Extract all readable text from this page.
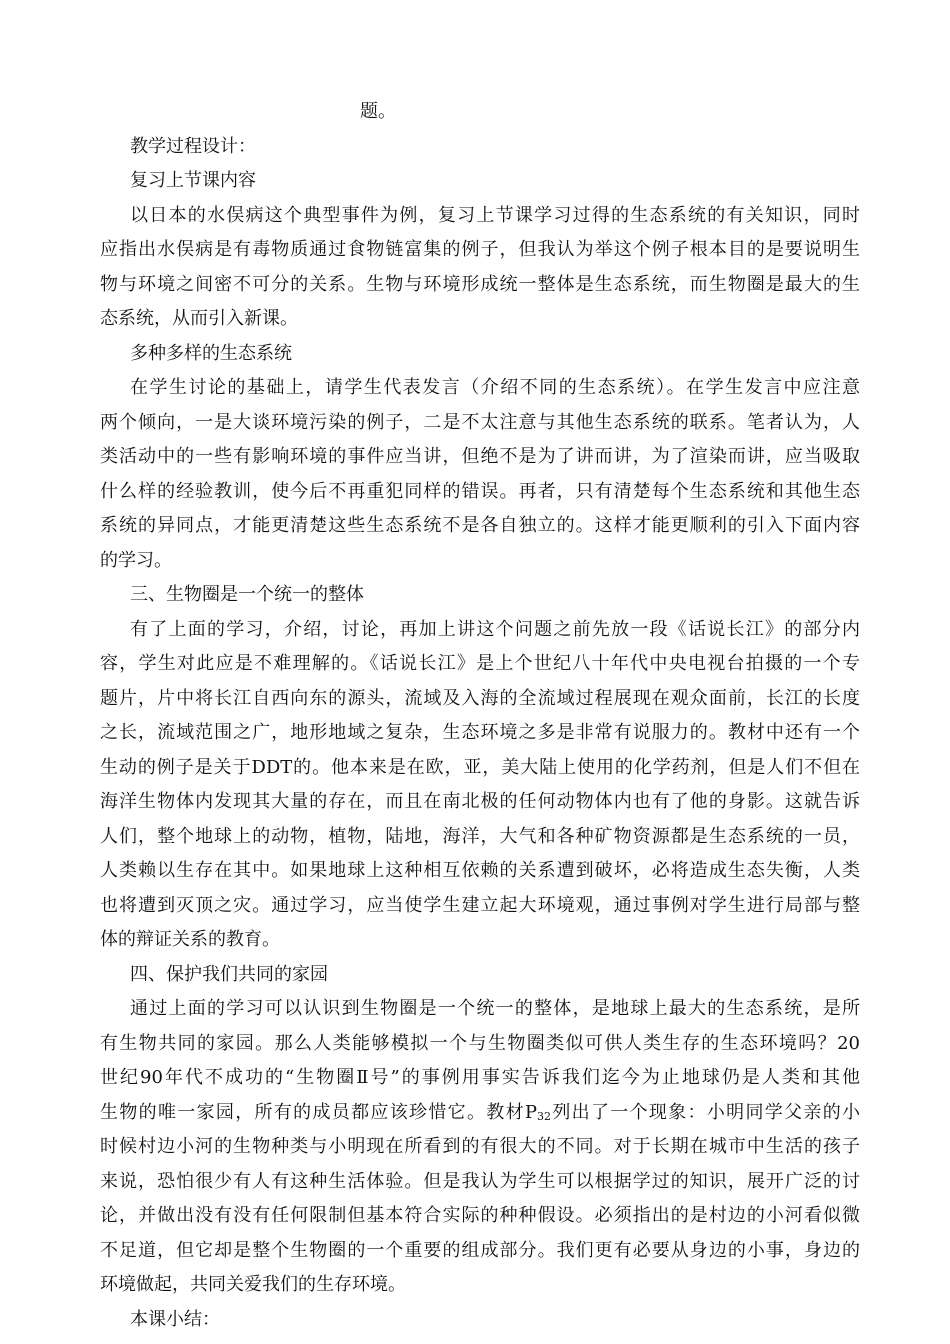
题。

教学过程设计：

复习上节课内容

以日本的水俣病这个典型事件为例，复习上节课学习过得的生态系统的有关知识，同时

应指出水俣病是有毒物质通过食物链富集的例子，但我认为举这个例子根本目的是要说明生

物与环境之间密不可分的关系。生物与环境形成统一整体是生态系统，而生物圈是最大的生

态系统，从而引入新课。

多种多样的生态系统

在学生讨论的基础上，请学生代表发言（介绍不同的生态系统）。在学生发言中应注意

两个倾向，一是大谈环境污染的例子，二是不太注意与其他生态系统的联系。笔者认为，人

类活动中的一些有影响环境的事件应当讲，但绝不是为了讲而讲，为了渲染而讲，应当吸取

什么样的经验教训，使今后不再重犯同样的错误。再者，只有清楚每个生态系统和其他生态

系统的异同点，才能更清楚这些生态系统不是各自独立的。这样才能更顺利的引入下面内容

的学习。

三、生物圈是一个统一的整体

有了上面的学习，介绍，讨论，再加上讲这个问题之前先放一段《话说长江》的部分内

容，学生对此应是不难理解的。《话说长江》是上个世纪八十年代中央电视台拍摄的一个专

题片，片中将长江自西向东的源头，流域及入海的全流域过程展现在观众面前，长江的长度

之长，流域范围之广，地形地域之复杂，生态环境之多是非常有说服力的。教材中还有一个

生动的例子是关于DDT的。他本来是在欧，亚，美大陆上使用的化学药剂，但是人们不但在

海洋生物体内发现其大量的存在，而且在南北极的任何动物体内也有了他的身影。这就告诉

人们，整个地球上的动物，植物，陆地，海洋，大气和各种矿物资源都是生态系统的一员，

人类赖以生存在其中。如果地球上这种相互依赖的关系遭到破坏，必将造成生态失衡，人类

也将遭到灭顶之灾。通过学习，应当使学生建立起大环境观，通过事例对学生进行局部与整

体的辩证关系的教育。

四、保护我们共同的家园

通过上面的学习可以认识到生物圈是一个统一的整体，是地球上最大的生态系统，是所

有生物共同的家园。那么人类能够模拟一个与生物圈类似可供人类生存的生态环境吗？20

世纪90年代不成功的“生物圈Ⅱ号”的事例用事实告诉我们迄今为止地球仍是人类和其他

生物的唯一家园，所有的成员都应该珍惜它。教材$P_{32}$列出了一个现象：小明同学父亲的小

时候村边小河的生物种类与小明现在所看到的有很大的不同。对于长期在城市中生活的孩子

来说，恐怕很少有人有这种生活体验。但是我认为学生可以根据学过的知识，展开广泛的讨

论，并做出没有没有任何限制但基本符合实际的种种假设。必须指出的是村边的小河看似微

不足道，但它却是整个生物圈的一个重要的组成部分。我们更有必要从身边的小事，身边的

环境做起，共同关爱我们的生存环境。

本课小结：
